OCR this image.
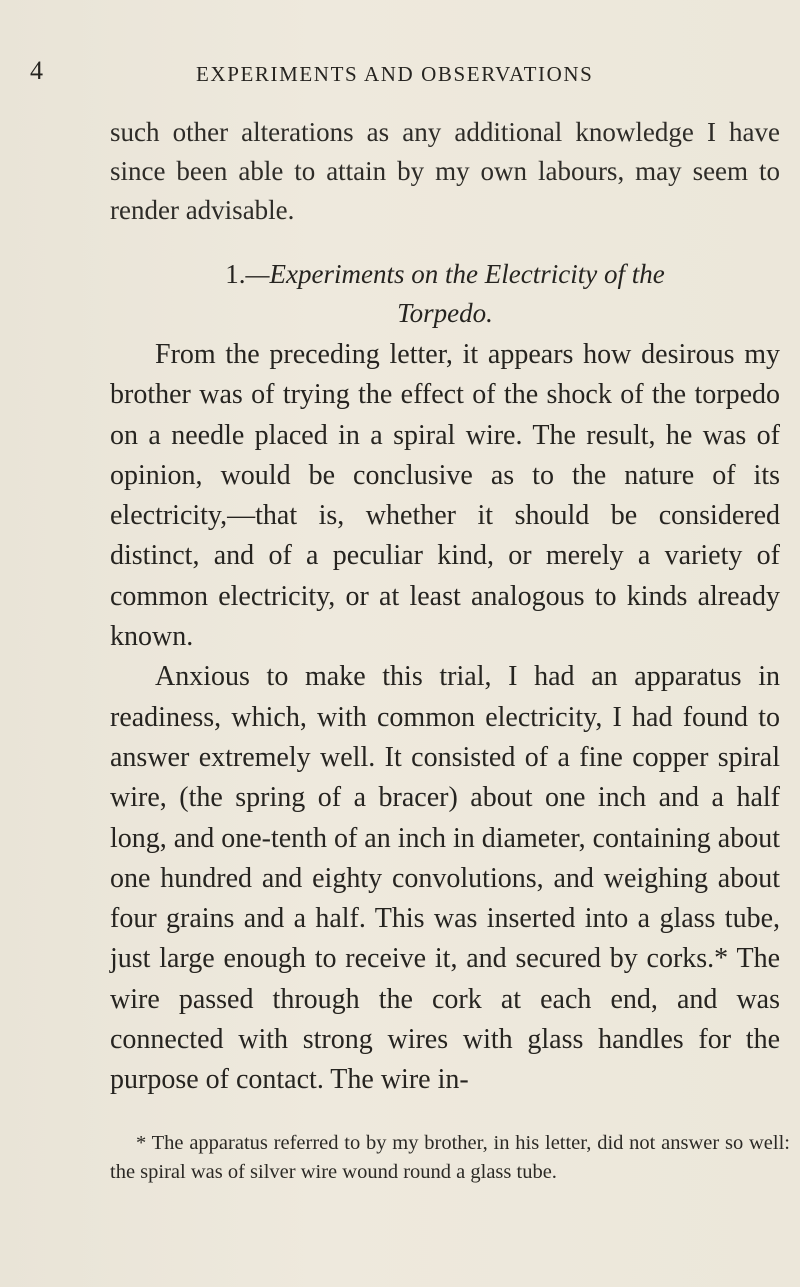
4	EXPERIMENTS AND OBSERVATIONS

such other alterations as any additional knowledge I have since been able to attain by my own labours, may seem to render advisable.

1.—Experiments on the Electricity of the
Torpedo.

From the preceding letter, it appears how desirous my brother was of trying the effect of the shock of the torpedo on a needle placed in a spiral wire. The result, he was of opinion, would be conclusive as to the nature of its electricity,—that is, whether it should be considered distinct, and of a peculiar kind, or merely a variety of common electricity, or at least analogous to kinds already known.

Anxious to make this trial, I had an apparatus in readiness, which, with common electricity, I had found to answer extremely well. It consisted of a fine copper spiral wire, (the spring of a bracer) about one inch and a half long, and one-tenth of an inch in diameter, containing about one hundred and eighty convolutions, and weighing about four grains and a half. This was inserted into a glass tube, just large enough to receive it, and secured by corks.* The wire passed through the cork at each end, and was connected with strong wires with glass handles for the purpose of contact. The wire in-

* The apparatus referred to by my brother, in his letter, did not answer so well: the spiral was of silver wire wound round a glass tube.
